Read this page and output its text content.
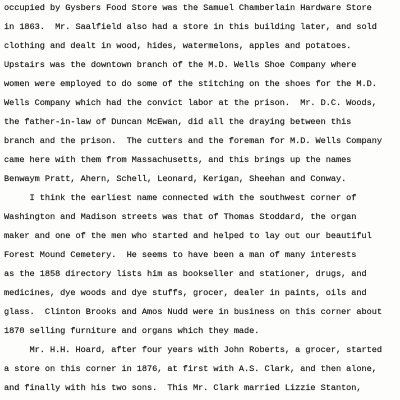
occupied by Gysbers Food Store was the Samuel Chamberlain Hardware Store
in 1863.  Mr. Saalfield also had a store in this building later, and sold
clothing and dealt in wood, hides, watermelons, apples and potatoes.
Upstairs was the downtown branch of the M.D. Wells Shoe Company where
women were employed to do some of the stitching on the shoes for the M.D.
Wells Company which had the convict labor at the prison.  Mr. D.C. Woods,
the father-in-law of Duncan McEwan, did all the draying between this
branch and the prison.  The cutters and the foreman for M.D. Wells Company
came here with them from Massachusetts, and this brings up the names
Benwaym Pratt, Ahern, Schell, Leonard, Kerigan, Sheehan and Conway.
I think the earliest name connected with the southwest corner of
Washington and Madison streets was that of Thomas Stoddard, the organ
maker and one of the men who started and helped to lay out our beautiful
Forest Mound Cemetery.  He seems to have been a man of many interests
as the 1858 directory lists him as bookseller and stationer, drugs, and
medicines, dye woods and dye stuffs, grocer, dealer in paints, oils and
glass.  Clinton Brooks and Amos Nudd were in business on this corner about
1870 selling furniture and organs which they made.
Mr. H.H. Hoard, after four years with John Roberts, a grocer, started
a store on this corner in 1876, at first with A.S. Clark, and then alone,
and finally with his two sons.  This Mr. Clark married Lizzie Stanton,
